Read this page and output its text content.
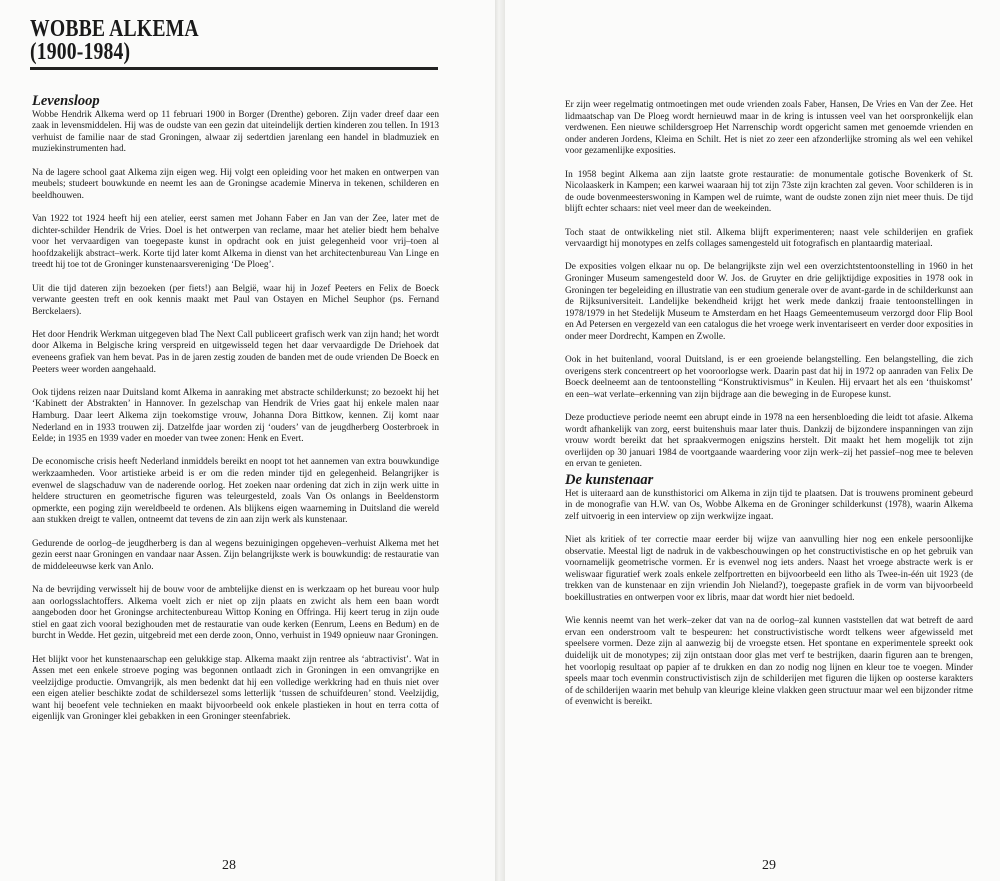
WOBBE ALKEMA
(1900-1984)
Levensloop

Wobbe Hendrik Alkema werd op 11 februari 1900 in Borger (Drenthe) geboren. Zijn vader dreef daar een zaak in levensmiddelen. Hij was de oudste van een gezin dat uiteindelijk dertien kinderen zou tellen. In 1913 verhuist de familie naar de stad Groningen, alwaar zij sedertdien jarenlang een handel in bladmuziek en muziekinstrumenten had.

Na de lagere school gaat Alkema zijn eigen weg. Hij volgt een opleiding voor het maken en ontwerpen van meubels; studeert bouwkunde en neemt les aan de Groningse academie Minerva in tekenen, schilderen en beeldhouwen.

Van 1922 tot 1924 heeft hij een atelier, eerst samen met Johann Faber en Jan van der Zee, later met de dichter-schilder Hendrik de Vries. Doel is het ontwerpen van reclame, maar het atelier biedt hem behalve voor het vervaardigen van toegepaste kunst in opdracht ook en juist gelegenheid voor vrij–toen al hoofdzakelijk abstract–werk. Korte tijd later komt Alkema in dienst van het architectenbureau Van Linge en treedt hij toe tot de Groninger kunstenaarsvereniging ‘De Ploeg’.

Uit die tijd dateren zijn bezoeken (per fiets!) aan België, waar hij in Jozef Peeters en Felix de Boeck verwante geesten treft en ook kennis maakt met Paul van Ostayen en Michel Seuphor (ps. Fernand Berckelaers).

Het door Hendrik Werkman uitgegeven blad The Next Call publiceert grafisch werk van zijn hand; het wordt door Alkema in Belgische kring verspreid en uitgewisseld tegen het daar vervaardigde De Driehoek dat eveneens grafiek van hem bevat. Pas in de jaren zestig zouden de banden met de oude vrienden De Boeck en Peeters weer worden aangehaald.

Ook tijdens reizen naar Duitsland komt Alkema in aanraking met abstracte schilderkunst; zo bezoekt hij het ‘Kabinett der Abstrakten’ in Hannover. In gezelschap van Hendrik de Vries gaat hij enkele malen naar Hamburg. Daar leert Alkema zijn toekomstige vrouw, Johanna Dora Bittkow, kennen. Zij komt naar Nederland en in 1933 trouwen zij. Datzelfde jaar worden zij ‘ouders’ van de jeugdherberg Oosterbroek in Eelde; in 1935 en 1939 vader en moeder van twee zonen: Henk en Evert.

De economische crisis heeft Nederland inmiddels bereikt en noopt tot het aannemen van extra bouwkundige werkzaamheden. Voor artistieke arbeid is er om die reden minder tijd en gelegenheid. Belangrijker is evenwel de slagschaduw van de naderende oorlog. Het zoeken naar ordening dat zich in zijn werk uitte in heldere structuren en geometrische figuren was teleurgesteld, zoals Van Os onlangs in Beeldenstorm opmerkte, een poging zijn wereldbeeld te ordenen. Als blijkens eigen waarneming in Duitsland die wereld aan stukken dreigt te vallen, ontneemt dat tevens de zin aan zijn werk als kunstenaar.

Gedurende de oorlog–de jeugdherberg is dan al wegens bezuinigingen opgeheven–verhuist Alkema met het gezin eerst naar Groningen en vandaar naar Assen. Zijn belangrijkste werk is bouwkundig: de restauratie van de middeleeuwse kerk van Anlo.

Na de bevrijding verwisselt hij de bouw voor de ambtelijke dienst en is werkzaam op het bureau voor hulp aan oorlogsslachtoffers. Alkema voelt zich er niet op zijn plaats en zwicht als hem een baan wordt aangeboden door het Groningse architectenbureau Wittop Koning en Offringa. Hij keert terug in zijn oude stiel en gaat zich vooral bezighouden met de restauratie van oude kerken (Eenrum, Leens en Bedum) en de burcht in Wedde. Het gezin, uitgebreid met een derde zoon, Onno, verhuist in 1949 opnieuw naar Groningen.

Het blijkt voor het kunstenaarschap een gelukkige stap. Alkema maakt zijn rentree als ‘abtractivist’. Wat in Assen met een enkele stroeve poging was begonnen ontlaadt zich in Groningen in een omvangrijke en veelzijdige productie. Omvangrijk, als men bedenkt dat hij een volledige werkkring had en thuis niet over een eigen atelier beschikte zodat de schildersezel soms letterlijk ‘tussen de schuifdeuren’ stond. Veelzijdig, want hij beoefent vele technieken en maakt bijvoorbeeld ook enkele plastieken in hout en terra cotta of eigenlijk van Groninger klei gebakken in een Groninger steenfabriek.

28

Er zijn weer regelmatig ontmoetingen met oude vrienden zoals Faber, Hansen, De Vries en Van der Zee. Het lidmaatschap van De Ploeg wordt hernieuwd maar in de kring is intussen veel van het oorspronkelijk elan verdwenen. Een nieuwe schildersgroep Het Narrenschip wordt opgericht samen met genoemde vrienden en onder anderen Jordens, Kleima en Schilt. Het is niet zo zeer een afzonderlijke stroming als wel een vehikel voor gezamenlijke exposities.

In 1958 begint Alkema aan zijn laatste grote restauratie: de monumentale gotische Bovenkerk of St. Nicolaaskerk in Kampen; een karwei waaraan hij tot zijn 73ste zijn krachten zal geven. Voor schilderen is in de oude bovenmeesterswoning in Kampen wel de ruimte, want de oudste zonen zijn niet meer thuis. De tijd blijft echter schaars: niet veel meer dan de weekeinden.

Toch staat de ontwikkeling niet stil. Alkema blijft experimenteren; naast vele schilderijen en grafiek vervaardigt hij monotypes en zelfs collages samengesteld uit fotografisch en plantaardig materiaal.

De exposities volgen elkaar nu op. De belangrijkste zijn wel een overzichtstentoonstelling in 1960 in het Groninger Museum samengesteld door W. Jos. de Gruyter en drie gelijktijdige exposities in 1978 ook in Groningen ter begeleiding en illustratie van een studium generale over de avant-garde in de schilderkunst aan de Rijksuniversiteit. Landelijke bekendheid krijgt het werk mede dankzij fraaie tentoonstellingen in 1978/1979 in het Stedelijk Museum te Amsterdam en het Haags Gemeentemuseum verzorgd door Flip Bool en Ad Petersen en vergezeld van een catalogus die het vroege werk inventariseert en verder door exposities in onder meer Dordrecht, Kampen en Zwolle.

Ook in het buitenland, vooral Duitsland, is er een groeiende belangstelling. Een belangstelling, die zich overigens sterk concentreert op het vooroorlogse werk. Daarin past dat hij in 1972 op aanraden van Felix De Boeck deelneemt aan de tentoonstelling “Konstruktivismus” in Keulen. Hij ervaart het als een ‘thuiskomst’ en een–wat verlate–erkenning van zijn bijdrage aan die beweging in de Europese kunst.

Deze productieve periode neemt een abrupt einde in 1978 na een hersenbloeding die leidt tot afasie. Alkema wordt afhankelijk van zorg, eerst buitenshuis maar later thuis. Dankzij de bijzondere inspanningen van zijn vrouw wordt bereikt dat het spraakvermogen enigszins herstelt. Dit maakt het hem mogelijk tot zijn overlijden op 30 januari 1984 de voortgaande waardering voor zijn werk–zij het passief–nog mee te beleven en ervan te genieten.

De kunstenaar

Het is uiteraard aan de kunsthistorici om Alkema in zijn tijd te plaatsen. Dat is trouwens prominent gebeurd in de monografie van H.W. van Os, Wobbe Alkema en de Groninger schilderkunst (1978), waarin Alkema zelf uitvoerig in een interview op zijn werkwijze ingaat.

Niet als kritiek of ter correctie maar eerder bij wijze van aanvulling hier nog een enkele persoonlijke observatie. Meestal ligt de nadruk in de vakbeschouwingen op het constructivistische en op het gebruik van voornamelijk geometrische vormen. Er is evenwel nog iets anders. Naast het vroege abstracte werk is er weliswaar figuratief werk zoals enkele zelfportretten en bijvoorbeeld een litho als Twee-in-één uit 1923 (de trekken van de kunstenaar en zijn vriendin Joh Nieland?), toegepaste grafiek in de vorm van bijvoorbeeld boekillustraties en ontwerpen voor ex libris, maar dat wordt hier niet bedoeld.

Wie kennis neemt van het werk–zeker dat van na de oorlog–zal kunnen vaststellen dat wat betreft de aard ervan een onderstroom valt te bespeuren: het constructivistische wordt telkens weer afgewisseld met speelsere vormen. Deze zijn al aanwezig bij de vroegste etsen. Het spontane en experimentele spreekt ook duidelijk uit de monotypes; zij zijn ontstaan door glas met verf te bestrijken, daarin figuren aan te brengen, het voorlopig resultaat op papier af te drukken en dan zo nodig nog lijnen en kleur toe te voegen. Minder speels maar toch evenmin constructivistisch zijn de schilderijen met figuren die lijken op oosterse karakters of de schilderijen waarin met behulp van kleurige kleine vlakken geen structuur maar wel een bijzonder ritme of evenwicht is bereikt.

29
